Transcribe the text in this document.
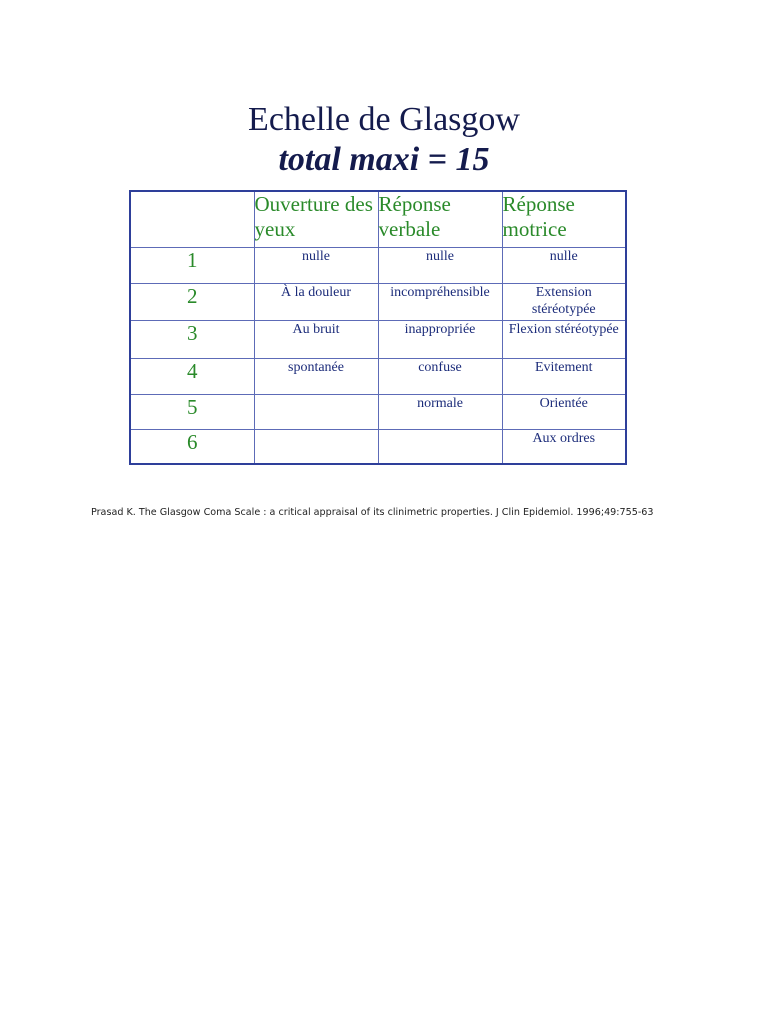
Echelle de Glasgow
total maxi = 15
	Ouverture des yeux	Réponse verbale	Réponse motrice
1	nulle	nulle	nulle
2	À la douleur	incompréhensible	Extension stéréotypée
3	Au bruit	inappropriée	Flexion stéréotypée
4	spontanée	confuse	Evitement
5		normale	Orientée
6			Aux ordres

Prasad K. The Glasgow Coma Scale : a critical appraisal of its clinimetric properties. J Clin Epidemiol. 1996;49:755-63
